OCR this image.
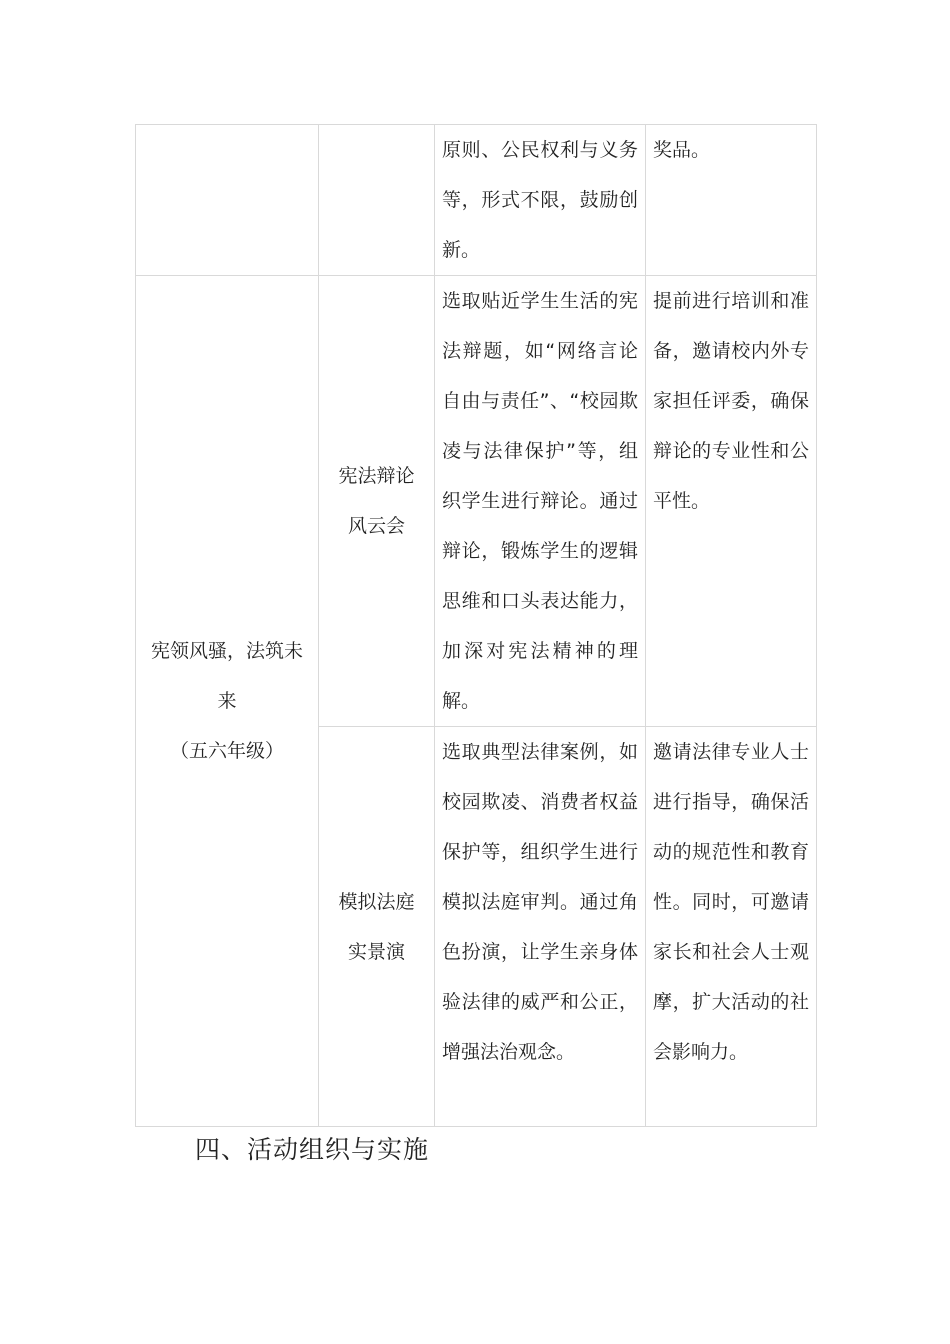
		原则、公民权利与义务等，形式不限，鼓励创新。	奖品。

宪领风骚，法筑未来
（五六年级）	宪法辩论风云会	选取贴近学生生活的宪法辩题，如“网络言论自由与责任”、“校园欺凌与法律保护”等，组织学生进行辩论。通过辩论，锻炼学生的逻辑思维和口头表达能力，加深对宪法精神的理解。	提前进行培训和准备，邀请校内外专家担任评委，确保辩论的专业性和公平性。

	模拟法庭实景演	选取典型法律案例，如校园欺凌、消费者权益保护等，组织学生进行模拟法庭审判。通过角色扮演，让学生亲身体验法律的威严和公正，增强法治观念。	邀请法律专业人士进行指导，确保活动的规范性和教育性。同时，可邀请家长和社会人士观摩，扩大活动的社会影响力。

四、活动组织与实施
